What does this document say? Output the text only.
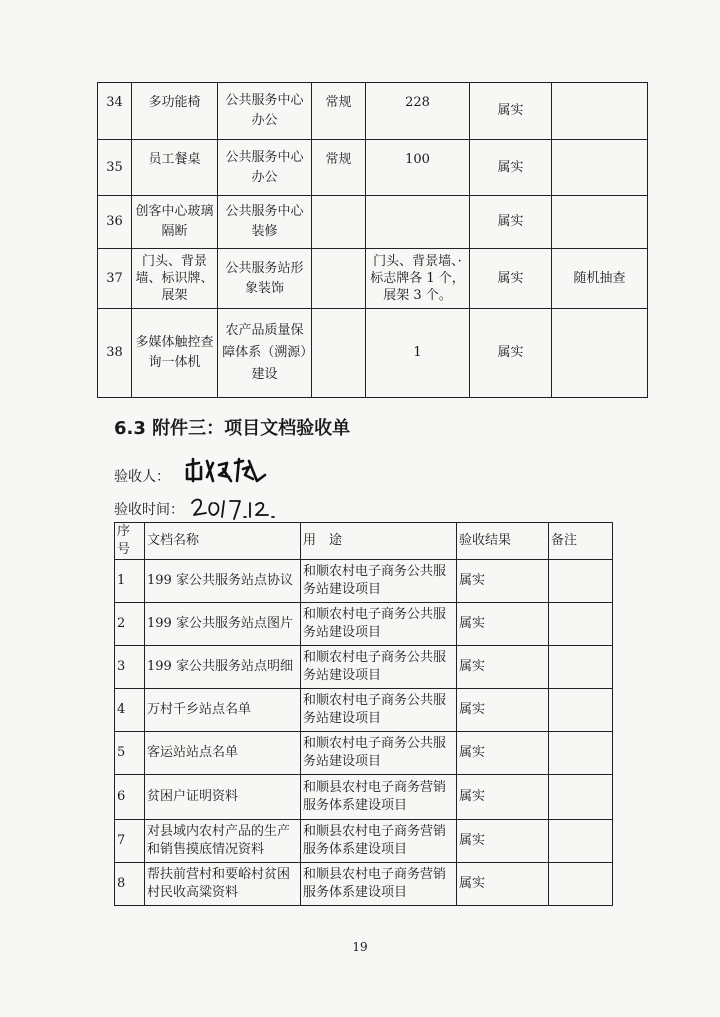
34	多功能椅	公共服务中心办公	常规	228	属实	
35	员工餐桌	公共服务中心办公	常规	100	属实	
36	创客中心玻璃隔断	公共服务中心装修			属实	
37	门头、背景墙、标识牌、展架	公共服务站形象装饰		门头、背景墙、·标志牌各 1 个，展架 3 个。	属实	随机抽查
38	多媒体触控查询一体机	农产品质量保障体系（溯源）建设		1	属实	
6.3 附件三：项目文档验收单
验收人：
验收时间：
序号	文档名称	用　途	验收结果	备注
1	199 家公共服务站点协议	和顺农村电子商务公共服务站建设项目	属实	
2	199 家公共服务站点图片	和顺农村电子商务公共服务站建设项目	属实	
3	199 家公共服务站点明细	和顺农村电子商务公共服务站建设项目	属实	
4	万村千乡站点名单	和顺农村电子商务公共服务站建设项目	属实	
5	客运站站点名单	和顺农村电子商务公共服务站建设项目	属实	
6	贫困户证明资料	和顺县农村电子商务营销服务体系建设项目	属实	
7	对县域内农村产品的生产和销售摸底情况资料	和顺县农村电子商务营销服务体系建设项目	属实	
8	帮扶前营村和要峪村贫困村民收高粱资料	和顺县农村电子商务营销服务体系建设项目	属实	
19
